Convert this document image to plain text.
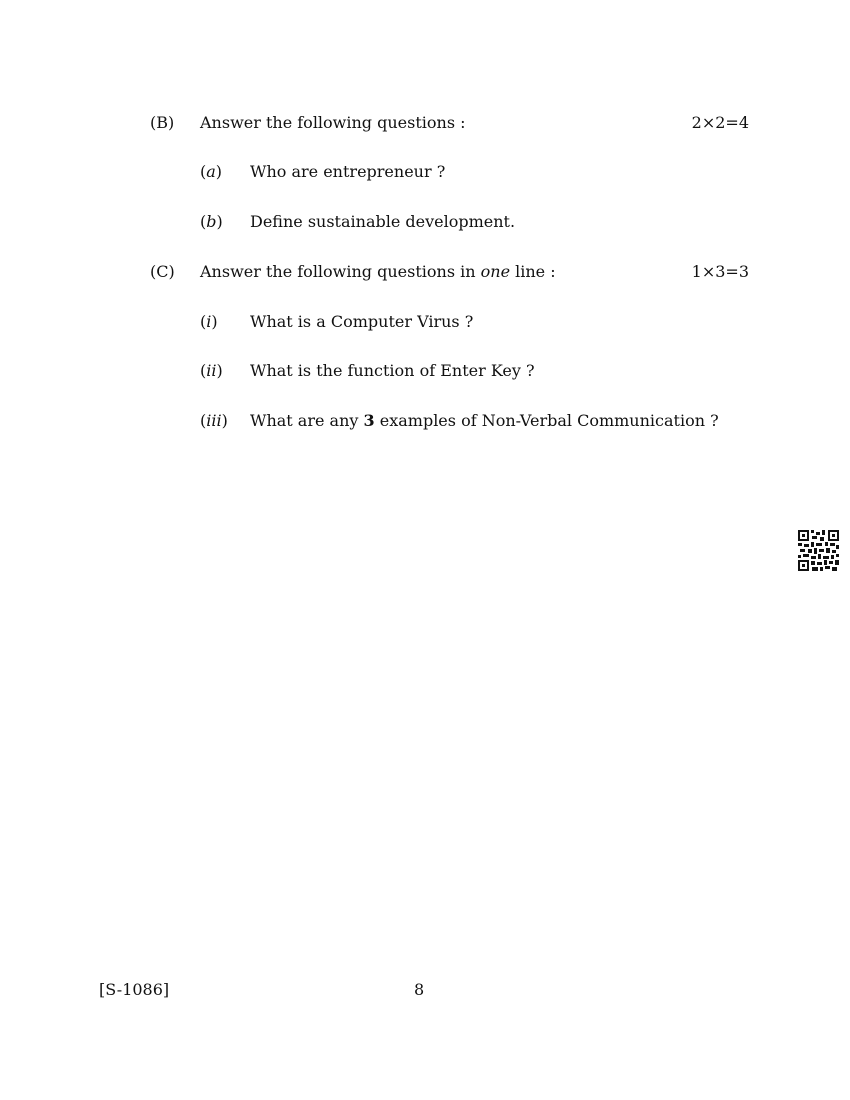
(B) Answer the following questions :	2×2=4
(a) Who are entrepreneur ?
(b) Define sustainable development.
(C) Answer the following questions in one line :	1×3=3
(i) What is a Computer Virus ?
(ii) What is the function of Enter Key ?
(iii) What are any 3 examples of Non-Verbal Communication ?
[S-1086]	8
